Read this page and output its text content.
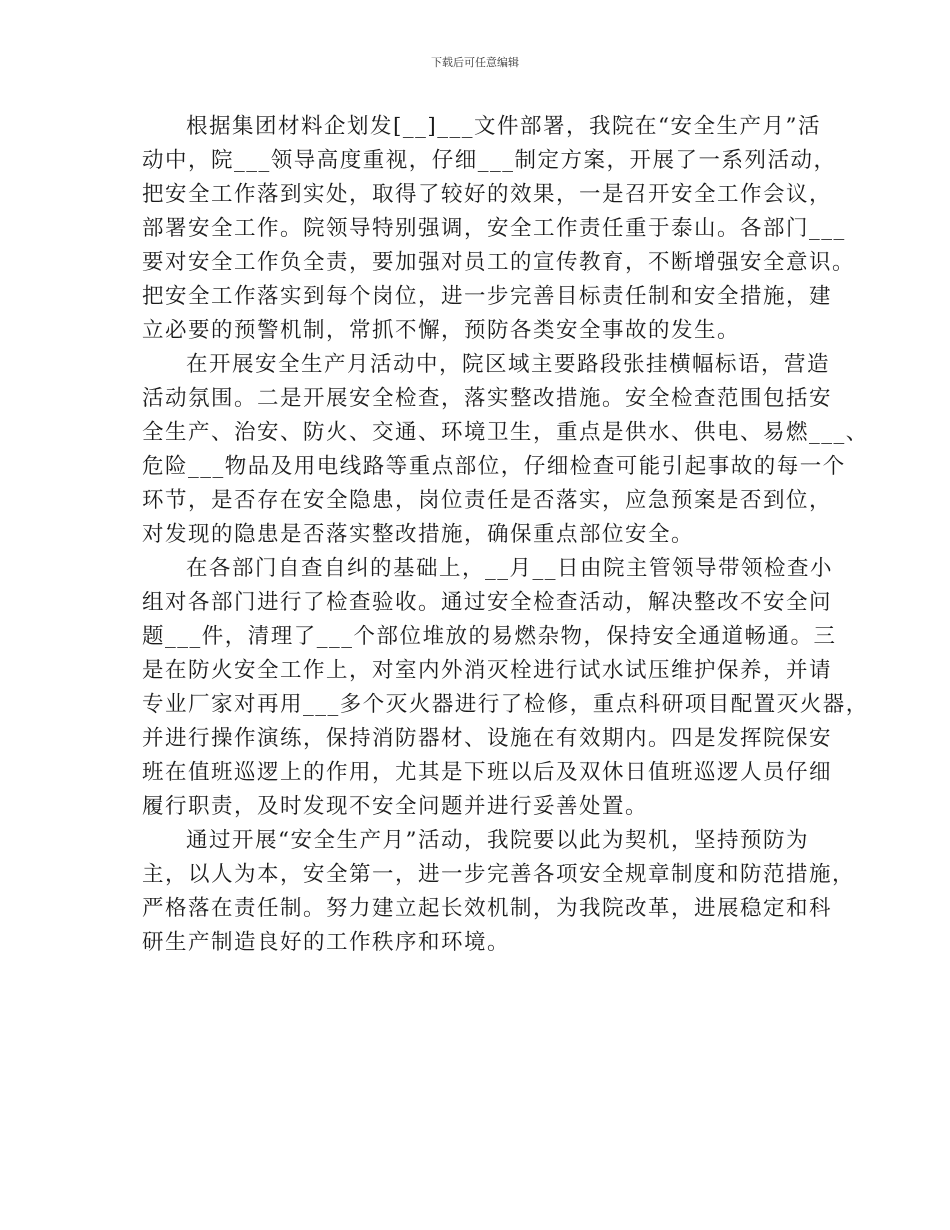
下载后可任意编辑

根据集团材料企划发[__]___文件部署，我院在“安全生产月”活
动中，院___领导高度重视，仔细___制定方案，开展了一系列活动，
把安全工作落到实处，取得了较好的效果，一是召开安全工作会议，
部署安全工作。院领导特别强调，安全工作责任重于泰山。各部门___
要对安全工作负全责，要加强对员工的宣传教育，不断增强安全意识。
把安全工作落实到每个岗位，进一步完善目标责任制和安全措施，建
立必要的预警机制，常抓不懈，预防各类安全事故的发生。

在开展安全生产月活动中，院区域主要路段张挂横幅标语，营造
活动氛围。二是开展安全检查，落实整改措施。安全检查范围包括安
全生产、治安、防火、交通、环境卫生，重点是供水、供电、易燃___、
危险___物品及用电线路等重点部位，仔细检查可能引起事故的每一个
环节，是否存在安全隐患，岗位责任是否落实，应急预案是否到位，
对发现的隐患是否落实整改措施，确保重点部位安全。

在各部门自查自纠的基础上，__月__日由院主管领导带领检查小
组对各部门进行了检查验收。通过安全检查活动，解决整改不安全问
题___件，清理了___个部位堆放的易燃杂物，保持安全通道畅通。三
是在防火安全工作上，对室内外消灭栓进行试水试压维护保养，并请
专业厂家对再用___多个灭火器进行了检修，重点科研项目配置灭火器，
并进行操作演练，保持消防器材、设施在有效期内。四是发挥院保安
班在值班巡逻上的作用，尤其是下班以后及双休日值班巡逻人员仔细
履行职责，及时发现不安全问题并进行妥善处置。

通过开展“安全生产月”活动，我院要以此为契机，坚持预防为
主，以人为本，安全第一，进一步完善各项安全规章制度和防范措施，
严格落在责任制。努力建立起长效机制，为我院改革，进展稳定和科
研生产制造良好的工作秩序和环境。
